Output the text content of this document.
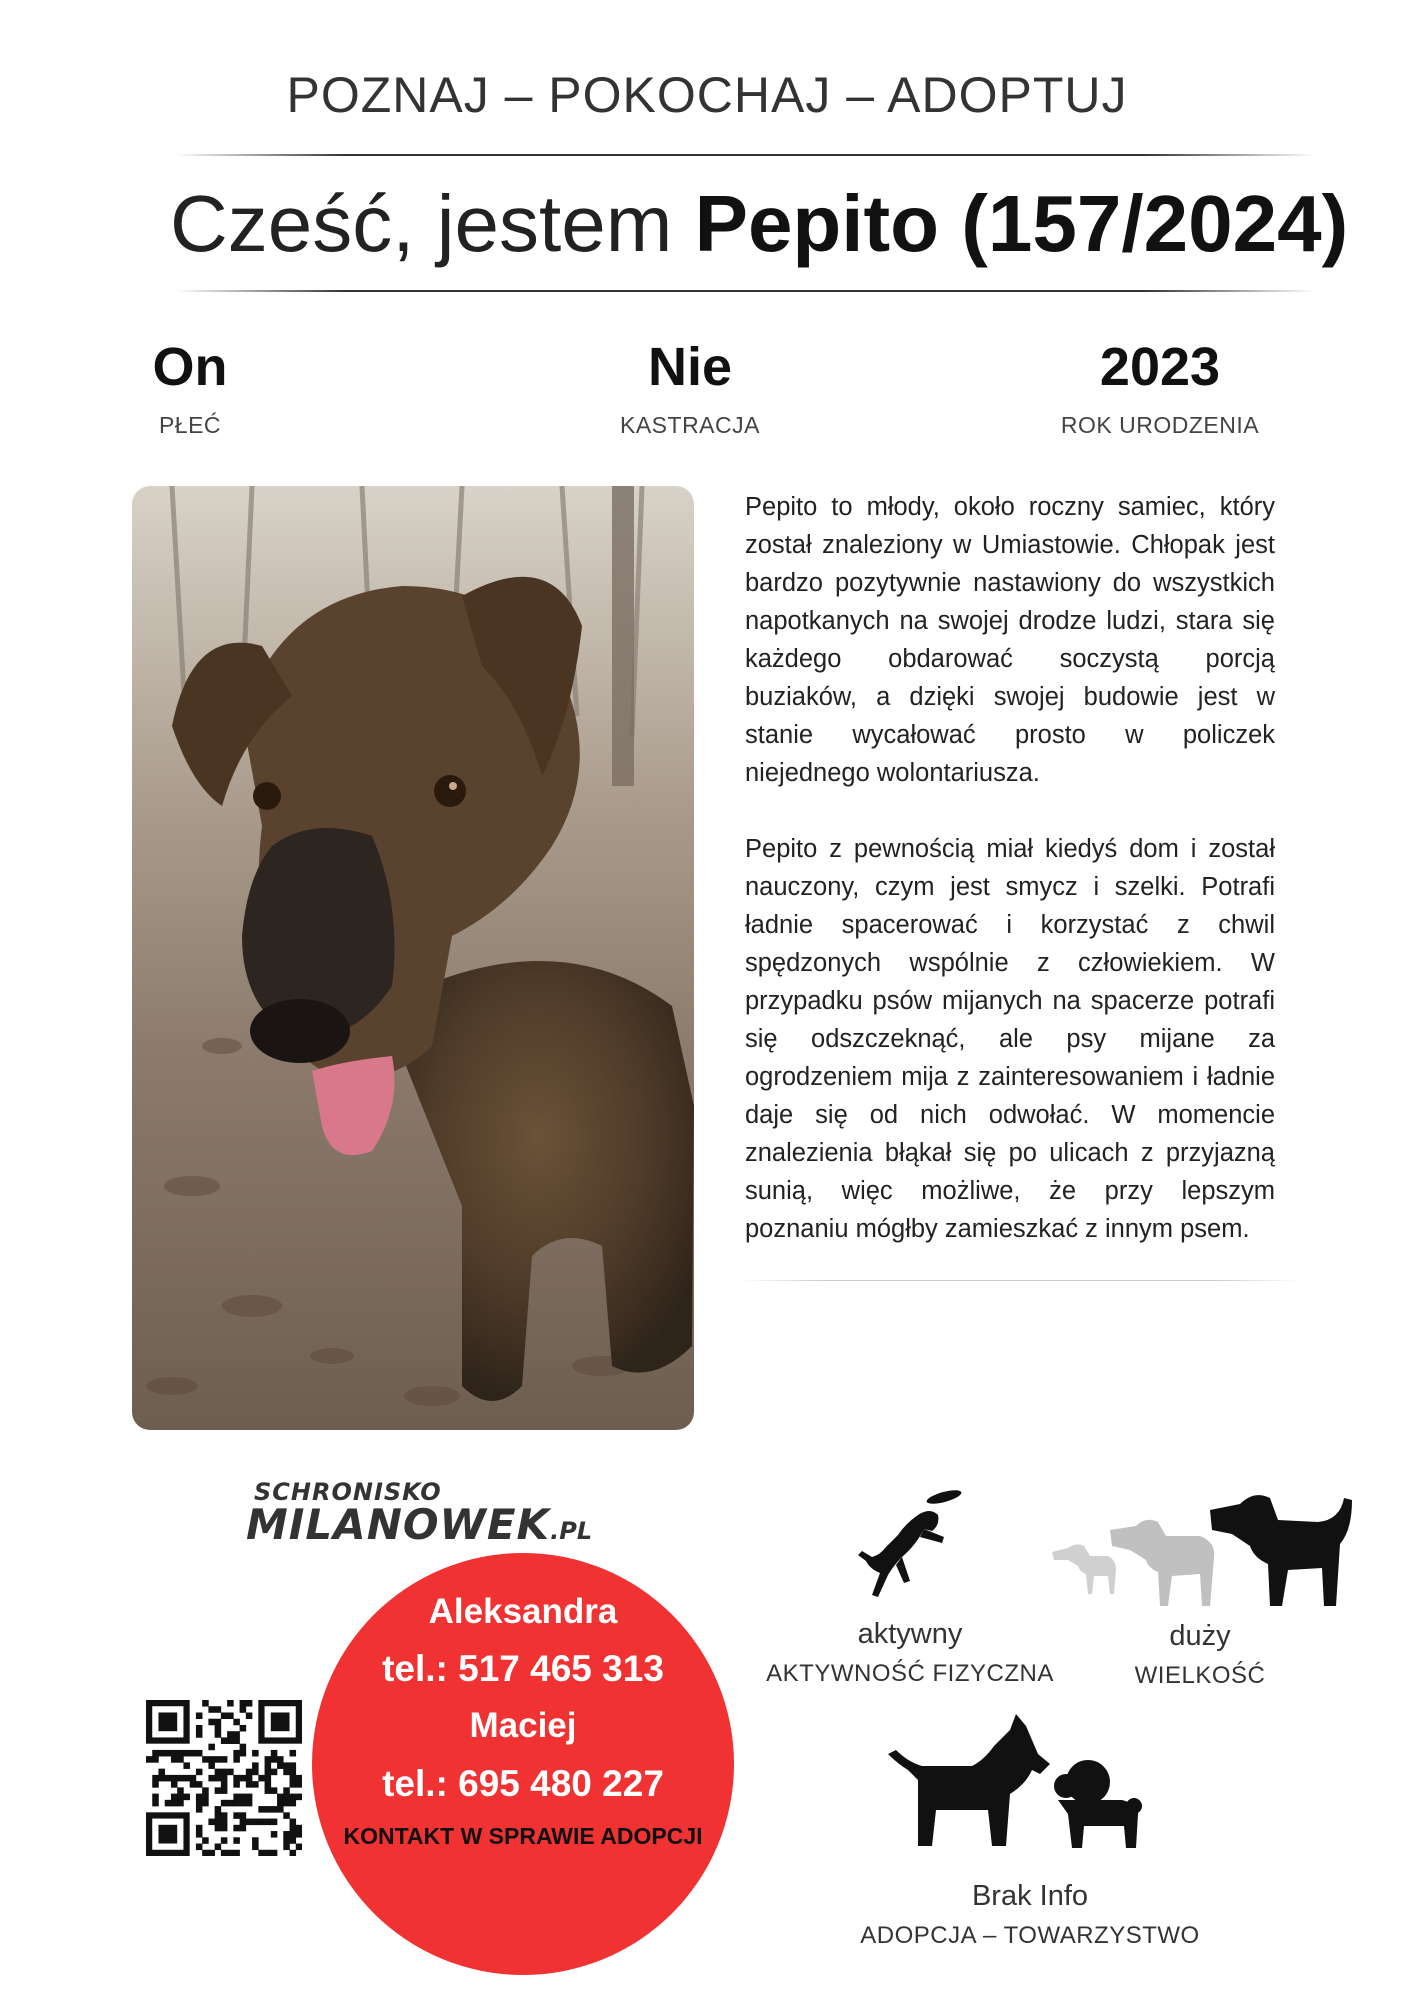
POZNAJ – POKOCHAJ – ADOPTUJ
Cześć, jestem Pepito (157/2024)
On
PŁEĆ
Nie
KASTRACJA
2023
ROK URODZENIA

Pepito to młody, około roczny samiec, który został znaleziony w Umiastowie. Chłopak jest bardzo pozytywnie nastawiony do wszystkich napotkanych na swojej drodze ludzi, stara się każdego obdarować soczystą porcją buziaków, a dzięki swojej budowie jest w stanie wycałować prosto w policzek niejednego wolontariusza.

Pepito z pewnością miał kiedyś dom i został nauczony, czym jest smycz i szelki. Potrafi ładnie spacerować i korzystać z chwil spędzonych wspólnie z człowiekiem. W przypadku psów mijanych na spacerze potrafi się odszczeknąć, ale psy mijane za ogrodzeniem mija z zainteresowaniem i ładnie daje się od nich odwołać. W momencie znalezienia błąkał się po ulicach z przyjazną sunią, więc możliwe, że przy lepszym poznaniu mógłby zamieszkać z innym psem.

SCHRONISKO
MILANOWEK.PL
Aleksandra
tel.: 517 465 313
Maciej
tel.: 695 480 227
KONTAKT W SPRAWIE ADOPCJI
aktywny
AKTYWNOŚĆ FIZYCZNA
duży
WIELKOŚĆ
Brak Info
ADOPCJA – TOWARZYSTWO
